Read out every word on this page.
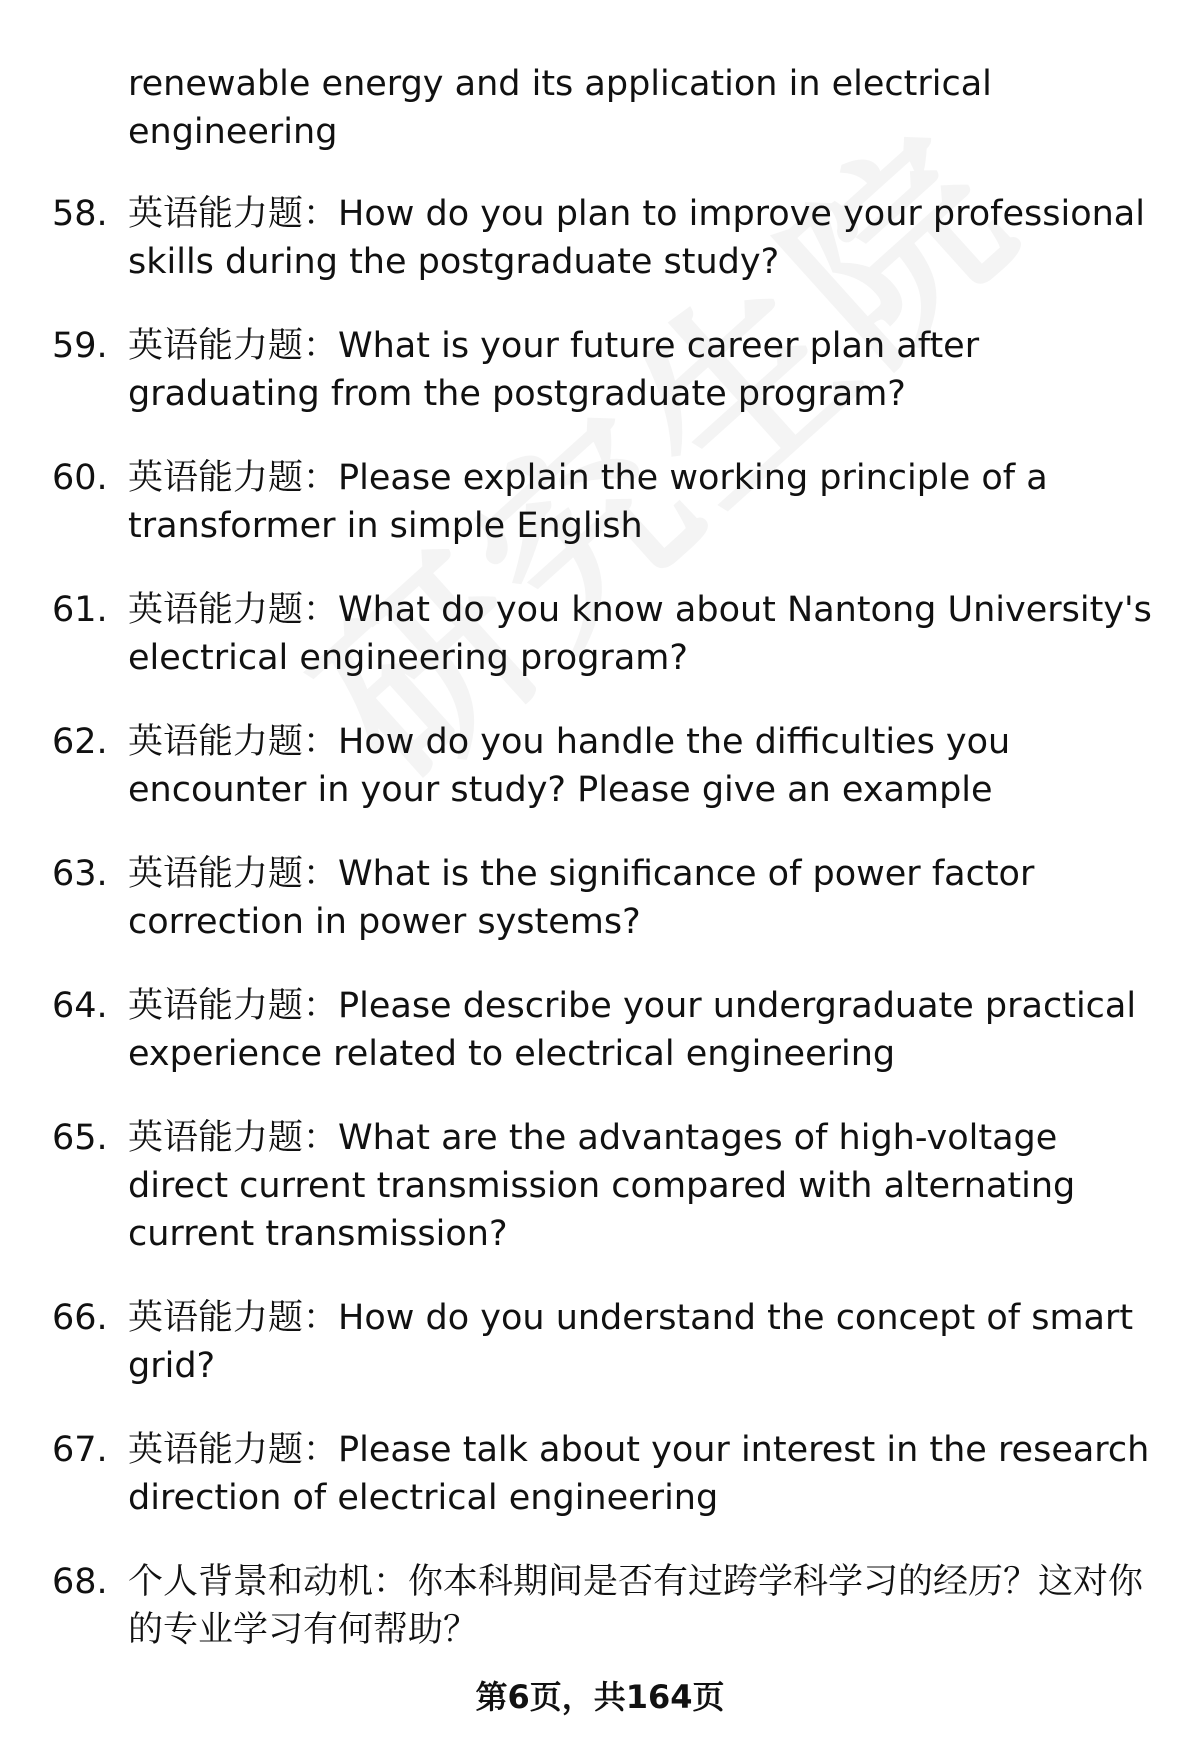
renewable energy and its application in electrical engineering
58. 英语能力题：How do you plan to improve your professional skills during the postgraduate study?
59. 英语能力题：What is your future career plan after graduating from the postgraduate program?
60. 英语能力题：Please explain the working principle of a transformer in simple English
61. 英语能力题：What do you know about Nantong University's electrical engineering program?
62. 英语能力题：How do you handle the difficulties you encounter in your study? Please give an example
63. 英语能力题：What is the significance of power factor correction in power systems?
64. 英语能力题：Please describe your undergraduate practical experience related to electrical engineering
65. 英语能力题：What are the advantages of high-voltage direct current transmission compared with alternating current transmission?
66. 英语能力题：How do you understand the concept of smart grid?
67. 英语能力题：Please talk about your interest in the research direction of electrical engineering
68. 个人背景和动机：你本科期间是否有过跨学科学习的经历？这对你的专业学习有何帮助？
第6页，共164页
